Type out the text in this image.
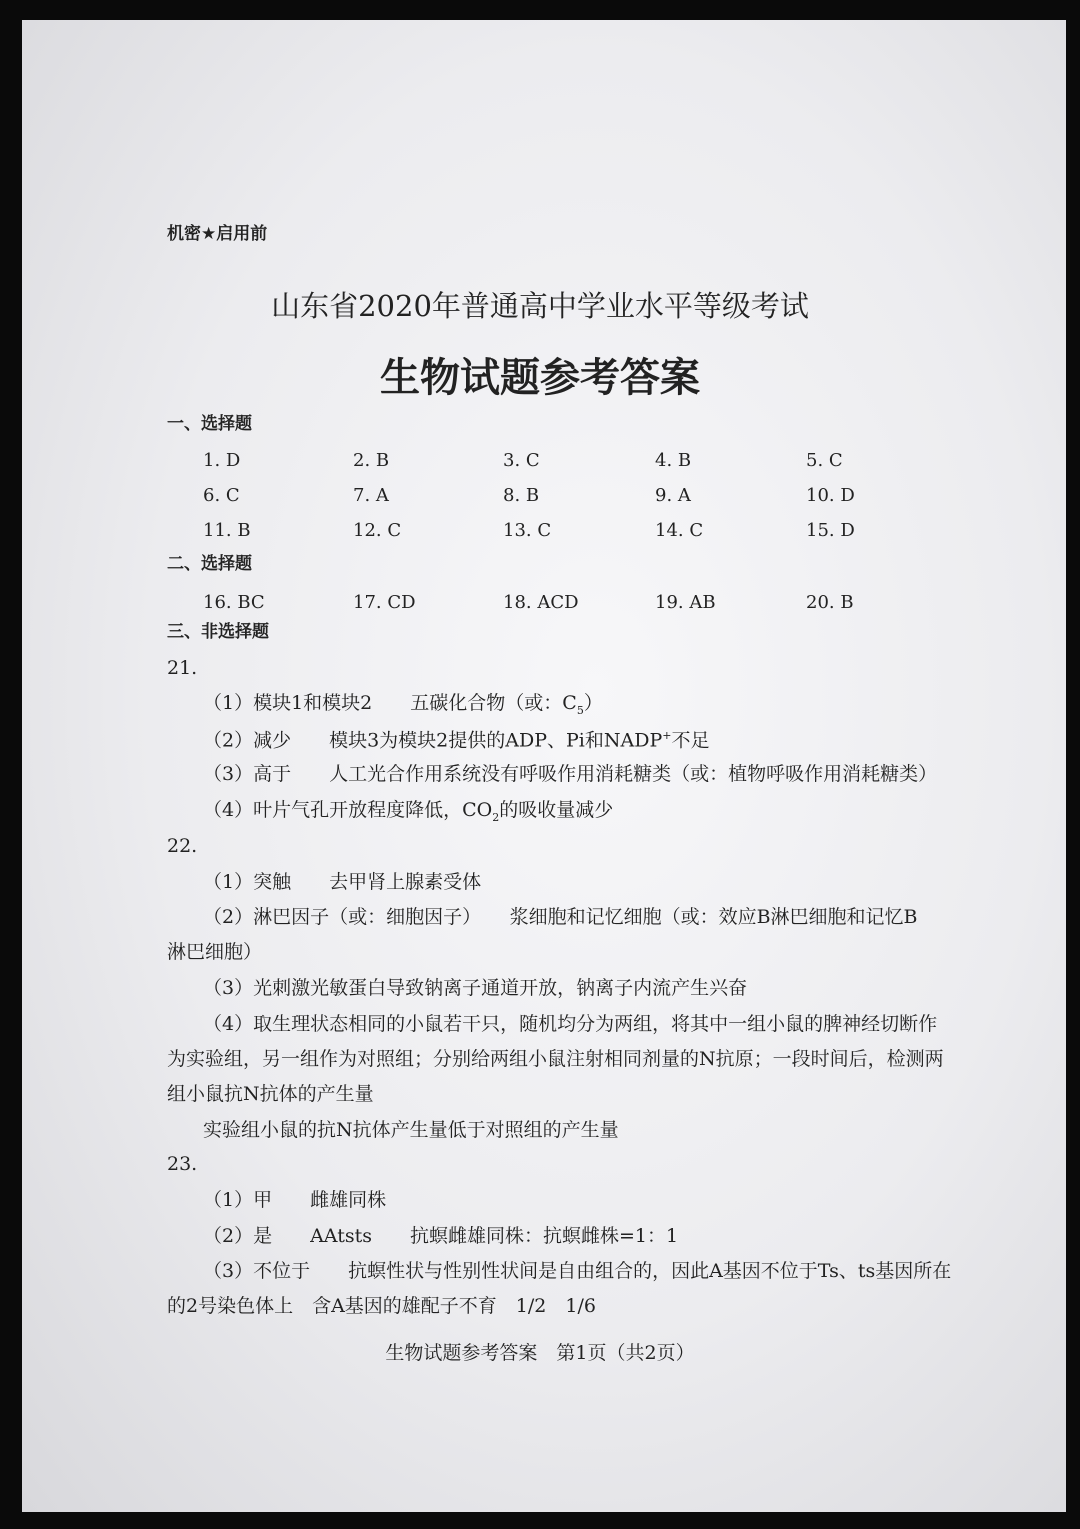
机密★启用前
山东省2020年普通高中学业水平等级考试
生物试题参考答案
一、选择题
1. D	2. B	3. C	4. B	5. C
6. C	7. A	8. B	9. A	10. D
11. B	12. C	13. C	14. C	15. D
二、选择题
16. BC	17. CD	18. ACD	19. AB	20. B
三、非选择题
21.
（1）模块1和模块2　　五碳化合物（或：$C_5$）
（2）减少　　模块3为模块2提供的ADP、Pi和NADP+不足
（3）高于　　人工光合作用系统没有呼吸作用消耗糖类（或：植物呼吸作用消耗糖类）
（4）叶片气孔开放程度降低，$CO_2$的吸收量减少
22.
（1）突触　　去甲肾上腺素受体
（2）淋巴因子（或：细胞因子）　　浆细胞和记忆细胞（或：效应B淋巴细胞和记忆B
淋巴细胞）
（3）光刺激光敏蛋白导致钠离子通道开放，钠离子内流产生兴奋
（4）取生理状态相同的小鼠若干只，随机均分为两组，将其中一组小鼠的脾神经切断作
为实验组，另一组作为对照组；分别给两组小鼠注射相同剂量的N抗原；一段时间后，检测两
组小鼠抗N抗体的产生量
实验组小鼠的抗N抗体产生量低于对照组的产生量
23.
（1）甲　　雌雄同株
（2）是　　AAtsts　　抗螟雌雄同株：抗螟雌株=1：1
（3）不位于　　抗螟性状与性别性状间是自由组合的，因此A基因不位于Ts、ts基因所在
的2号染色体上　含A基因的雄配子不育　1/2　1/6
生物试题参考答案　第1页（共2页）
